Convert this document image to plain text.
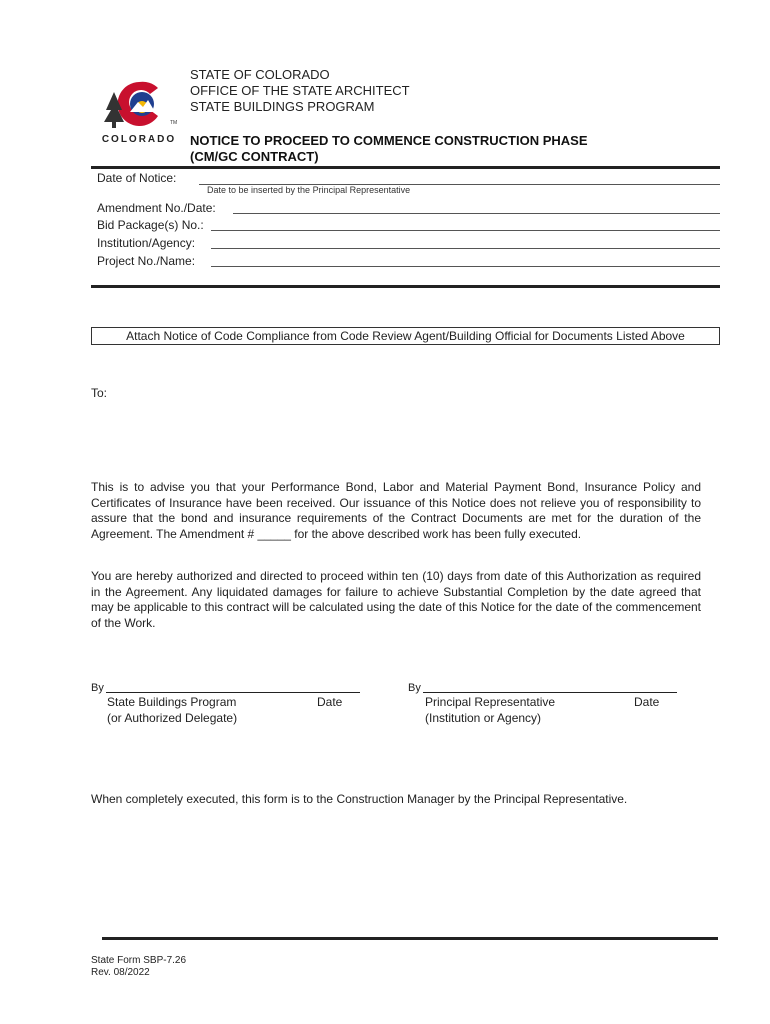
COLORADO
TM
STATE OF COLORADO
OFFICE OF THE STATE ARCHITECT
STATE BUILDINGS PROGRAM
NOTICE TO PROCEED TO COMMENCE CONSTRUCTION PHASE
(CM/GC CONTRACT)
Date of Notice:
Date to be inserted by the Principal Representative
Amendment No./Date:
Bid Package(s) No.:
Institution/Agency:
Project No./Name:
Attach Notice of Code Compliance from Code Review Agent/Building Official for Documents Listed Above
To:
This is to advise you that your Performance Bond, Labor and Material Payment Bond, Insurance Policy and Certificates of Insurance have been received. Our issuance of this Notice does not relieve you of responsibility to assure that the bond and insurance requirements of the Contract Documents are met for the duration of the Agreement. The Amendment # _____ for the above described work has been fully executed.
You are hereby authorized and directed to proceed within ten (10) days from date of this Authorization as required in the Agreement. Any liquidated damages for failure to achieve Substantial Completion by the date agreed that may be applicable to this contract will be calculated using the date of this Notice for the date of the commencement of the Work.
By
State Buildings Program
(or Authorized Delegate)
Date
By
Principal Representative
(Institution or Agency)
Date
When completely executed, this form is to the Construction Manager by the Principal Representative.
State Form SBP-7.26
Rev. 08/2022
